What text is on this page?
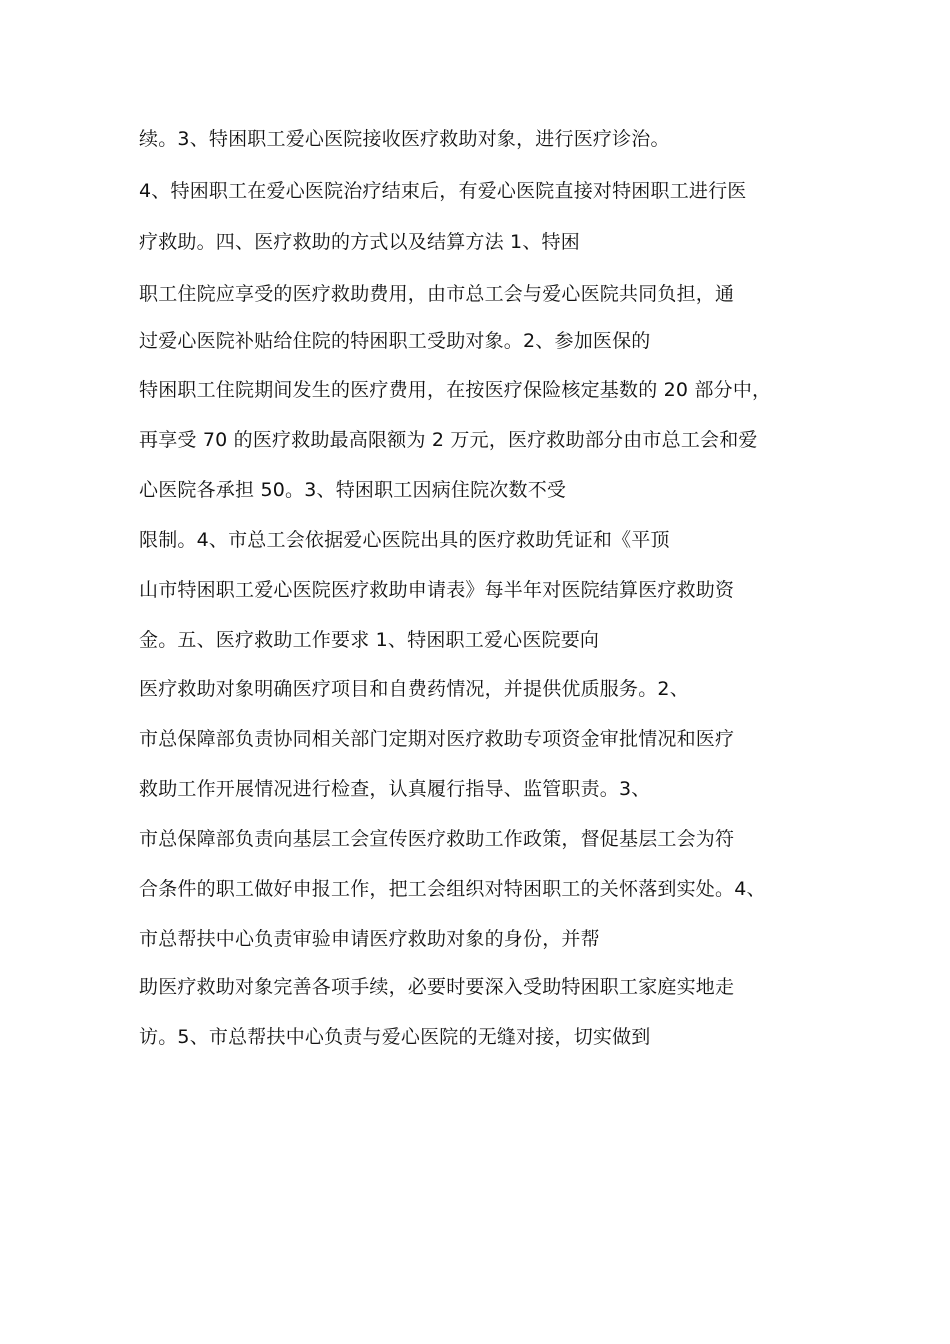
续。3、特困职工爱心医院接收医疗救助对象，进行医疗诊治。

4、特困职工在爱心医院治疗结束后，有爱心医院直接对特困职工进行医

疗救助。四、医疗救助的方式以及结算方法 1、特困

职工住院应享受的医疗救助费用，由市总工会与爱心医院共同负担，通

过爱心医院补贴给住院的特困职工受助对象。2、参加医保的

特困职工住院期间发生的医疗费用，在按医疗保险核定基数的 20 部分中，

再享受 70 的医疗救助最高限额为 2 万元，医疗救助部分由市总工会和爱

心医院各承担 50。3、特困职工因病住院次数不受

限制。4、市总工会依据爱心医院出具的医疗救助凭证和《平顶

山市特困职工爱心医院医疗救助申请表》每半年对医院结算医疗救助资

金。五、医疗救助工作要求 1、特困职工爱心医院要向

医疗救助对象明确医疗项目和自费药情况，并提供优质服务。2、

市总保障部负责协同相关部门定期对医疗救助专项资金审批情况和医疗

救助工作开展情况进行检查，认真履行指导、监管职责。3、

市总保障部负责向基层工会宣传医疗救助工作政策，督促基层工会为符

合条件的职工做好申报工作，把工会组织对特困职工的关怀落到实处。4、

市总帮扶中心负责审验申请医疗救助对象的身份，并帮

助医疗救助对象完善各项手续，必要时要深入受助特困职工家庭实地走

访。5、市总帮扶中心负责与爱心医院的无缝对接，切实做到
